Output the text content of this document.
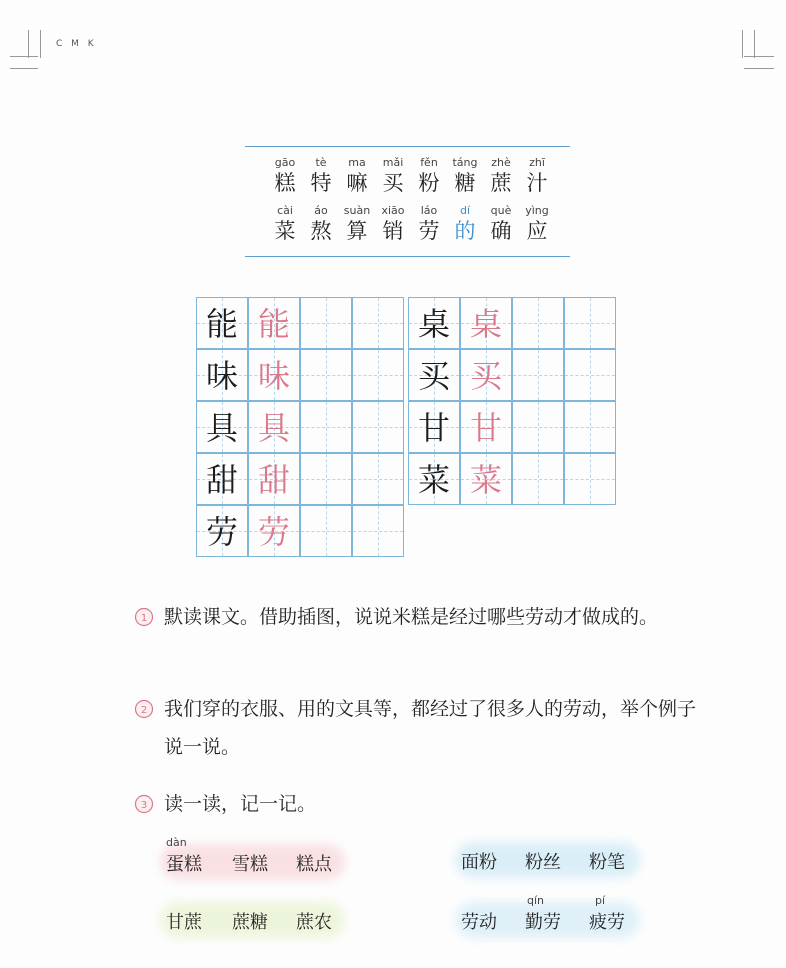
C M K
gāo
糕
tè
特
ma
嘛
mǎi
买
fěn
粉
táng
糖
zhè
蔗
zhī
汁
cài
菜
áo
熬
suàn
算
xiāo
销
láo
劳
dí
的
què
确
yìng
应
能 能
味 味
具 具
甜 甜
劳 劳
桌 桌
买 买
甘 甘
菜 菜
1 默读课文。借助插图，说说米糕是经过哪些劳动才做成的。
2 我们穿的衣服、用的文具等，都经过了很多人的劳动，举个例子说一说。
3 读一读，记一记。
dàn
蛋糕 雪糕 糕点	面粉 粉丝 粉笔
甘蔗 蔗糖 蔗农
qín	pí
劳动 勤劳 疲劳
